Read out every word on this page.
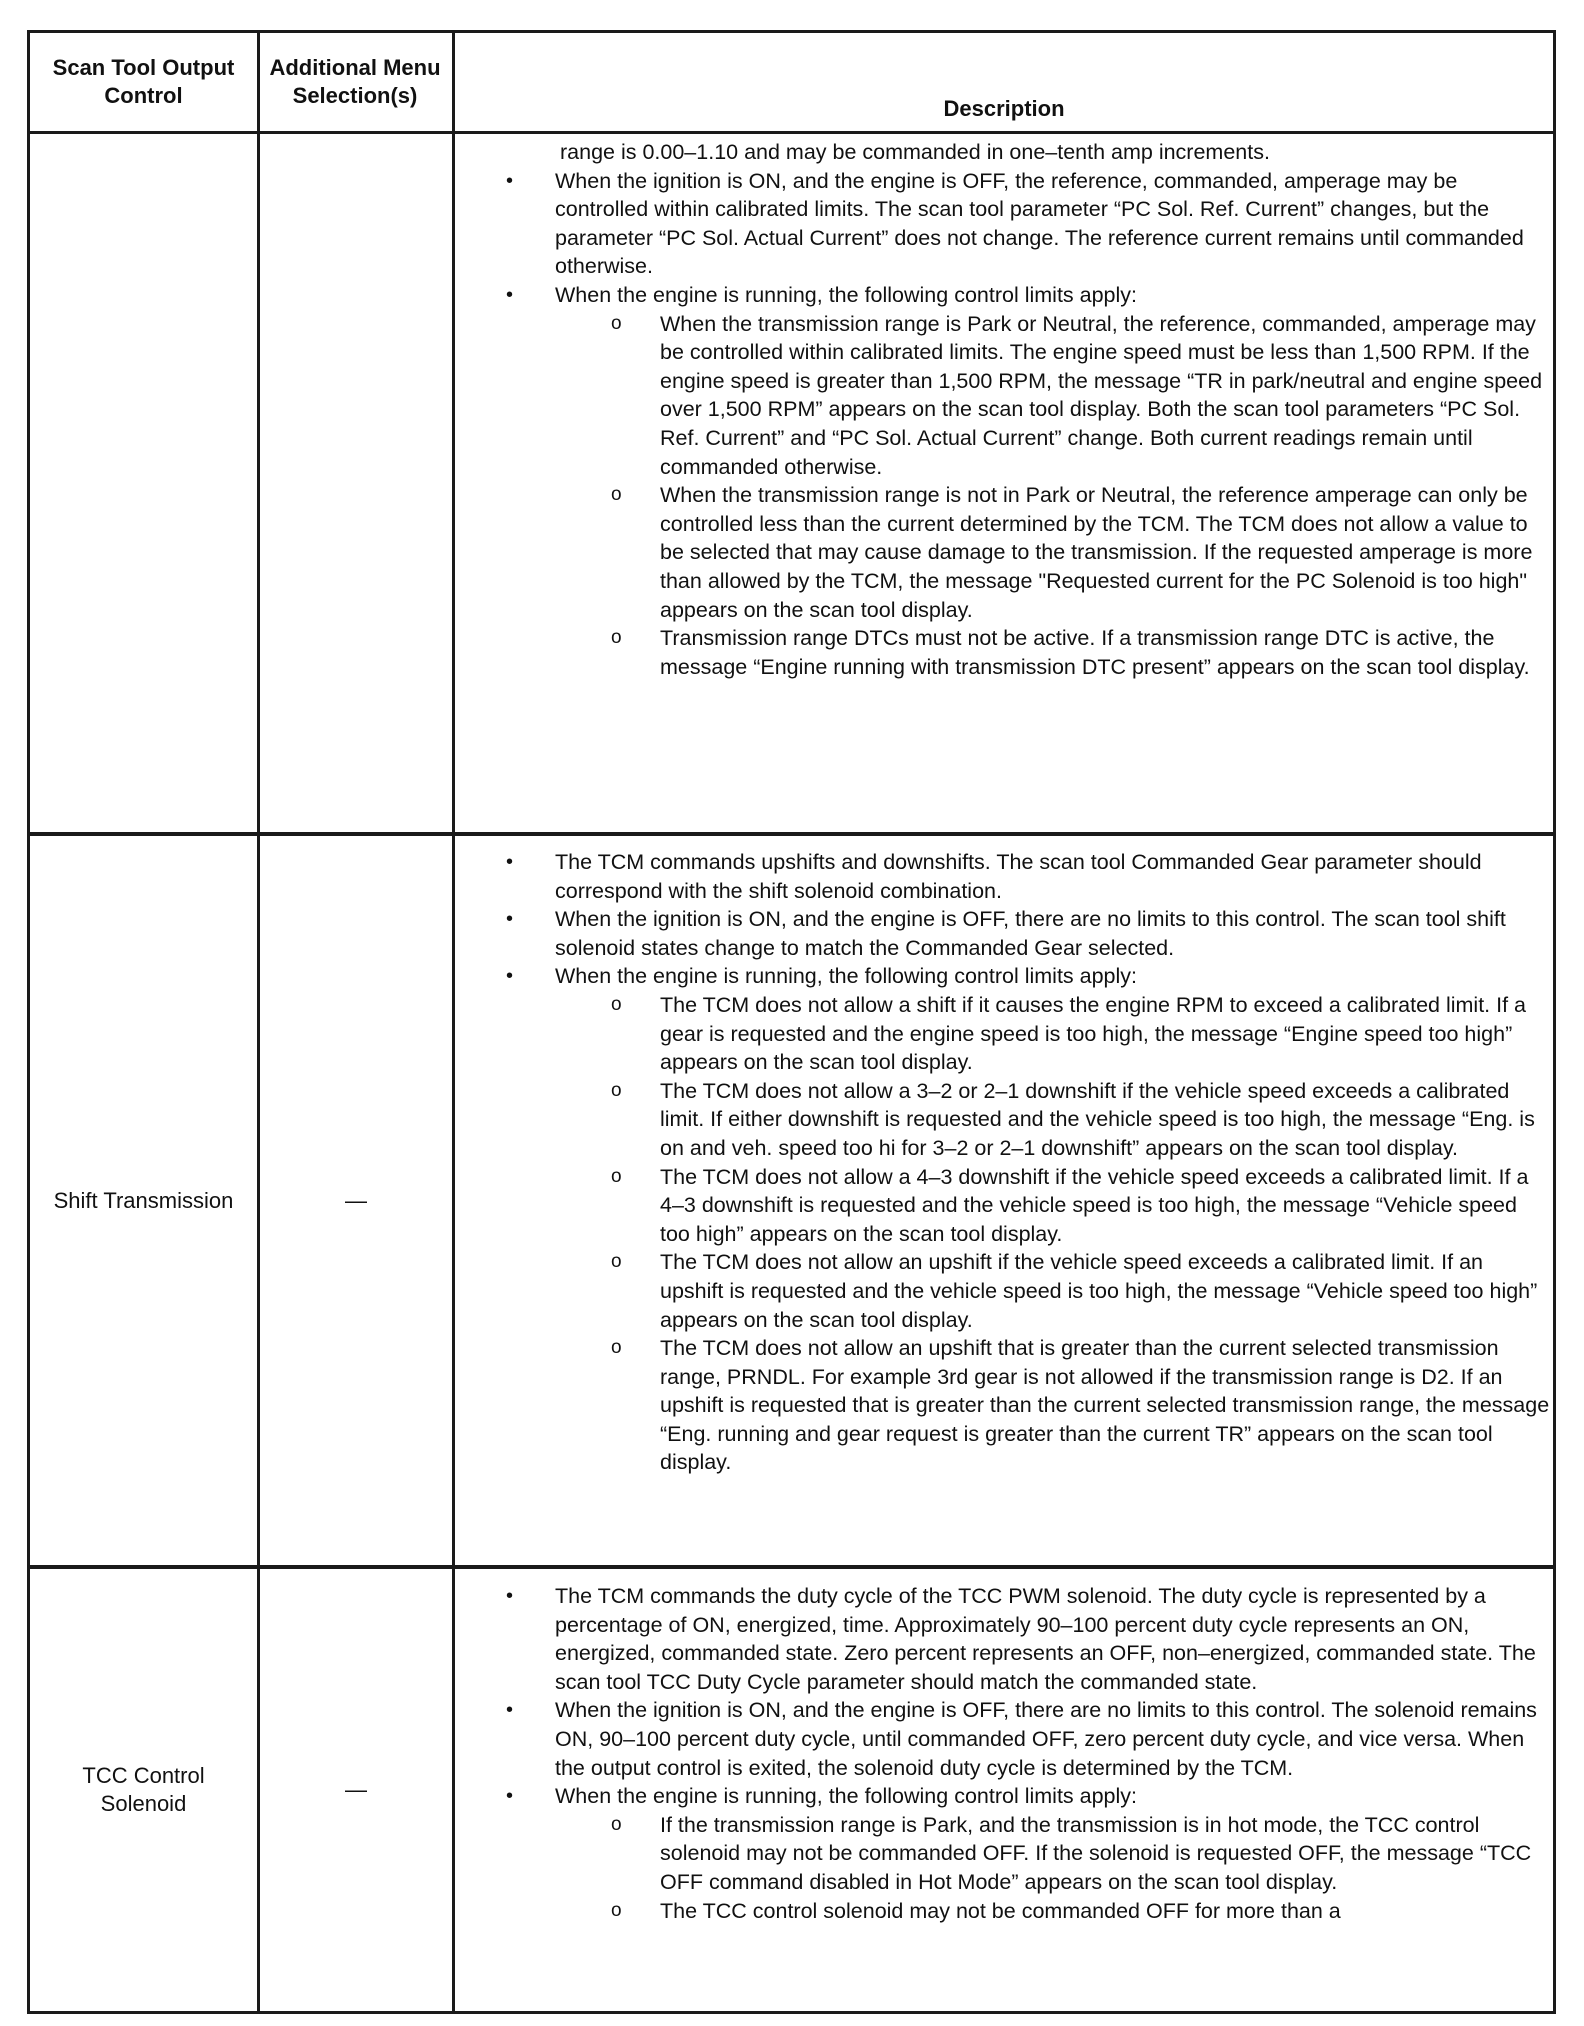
Scan Tool Output Control
Additional Menu Selection(s)
Description

range is 0.00–1.10 and may be commanded in one–tenth amp increments.

• When the ignition is ON, and the engine is OFF, the reference, commanded, amperage may be controlled within calibrated limits. The scan tool parameter “PC Sol. Ref. Current” changes, but the parameter “PC Sol. Actual Current” does not change. The reference current remains until commanded otherwise.
• When the engine is running, the following control limits apply:
o When the transmission range is Park or Neutral, the reference, commanded, amperage may be controlled within calibrated limits. The engine speed must be less than 1,500 RPM. If the engine speed is greater than 1,500 RPM, the message “TR in park/neutral and engine speed over 1,500 RPM” appears on the scan tool display. Both the scan tool parameters “PC Sol. Ref. Current” and “PC Sol. Actual Current” change. Both current readings remain until commanded otherwise.
o When the transmission range is not in Park or Neutral, the reference amperage can only be controlled less than the current determined by the TCM. The TCM does not allow a value to be selected that may cause damage to the transmission. If the requested amperage is more than allowed by the TCM, the message "Requested current for the PC Solenoid is too high" appears on the scan tool display.
o Transmission range DTCs must not be active. If a transmission range DTC is active, the message “Engine running with transmission DTC present” appears on the scan tool display.
Shift Transmission	—
• The TCM commands upshifts and downshifts. The scan tool Commanded Gear parameter should correspond with the shift solenoid combination.
• When the ignition is ON, and the engine is OFF, there are no limits to this control. The scan tool shift solenoid states change to match the Commanded Gear selected.
• When the engine is running, the following control limits apply:
o The TCM does not allow a shift if it causes the engine RPM to exceed a calibrated limit. If a gear is requested and the engine speed is too high, the message “Engine speed too high” appears on the scan tool display.
o The TCM does not allow a 3–2 or 2–1 downshift if the vehicle speed exceeds a calibrated limit. If either downshift is requested and the vehicle speed is too high, the message “Eng. is on and veh. speed too hi for 3–2 or 2–1 downshift” appears on the scan tool display.
o The TCM does not allow a 4–3 downshift if the vehicle speed exceeds a calibrated limit. If a 4–3 downshift is requested and the vehicle speed is too high, the message “Vehicle speed too high” appears on the scan tool display.
o The TCM does not allow an upshift if the vehicle speed exceeds a calibrated limit. If an upshift is requested and the vehicle speed is too high, the message “Vehicle speed too high” appears on the scan tool display.
o The TCM does not allow an upshift that is greater than the current selected transmission range, PRNDL. For example 3rd gear is not allowed if the transmission range is D2. If an upshift is requested that is greater than the current selected transmission range, the message “Eng. running and gear request is greater than the current TR” appears on the scan tool display.
TCC Control Solenoid
—
• The TCM commands the duty cycle of the TCC PWM solenoid. The duty cycle is represented by a percentage of ON, energized, time. Approximately 90–100 percent duty cycle represents an ON, energized, commanded state. Zero percent represents an OFF, non–energized, commanded state. The scan tool TCC Duty Cycle parameter should match the commanded state.
• When the ignition is ON, and the engine is OFF, there are no limits to this control. The solenoid remains ON, 90–100 percent duty cycle, until commanded OFF, zero percent duty cycle, and vice versa. When the output control is exited, the solenoid duty cycle is determined by the TCM.
• When the engine is running, the following control limits apply:
o If the transmission range is Park, and the transmission is in hot mode, the TCC control solenoid may not be commanded OFF. If the solenoid is requested OFF, the message “TCC OFF command disabled in Hot Mode” appears on the scan tool display.
o The TCC control solenoid may not be commanded OFF for more than a
